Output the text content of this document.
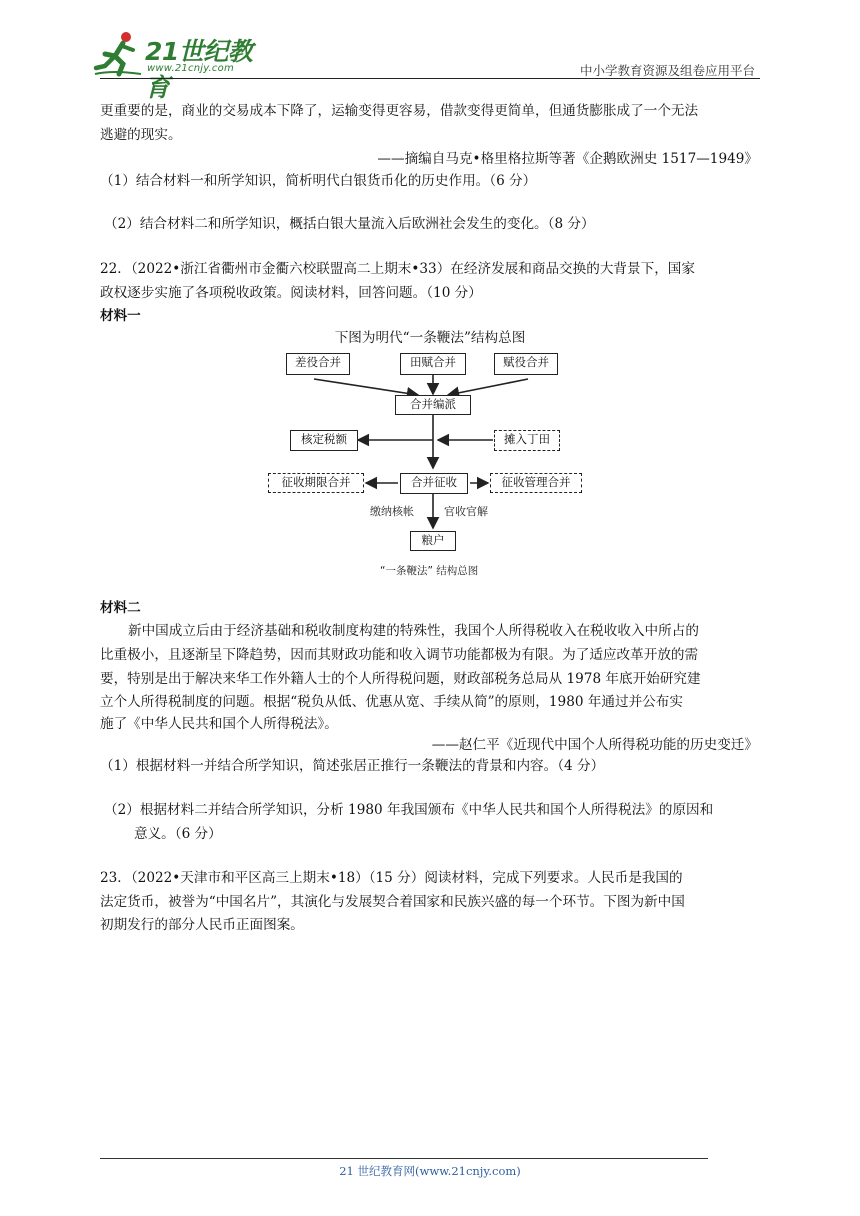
21世纪教育
www.21cnjy.com	中小学教育资源及组卷应用平台
更重要的是，商业的交易成本下降了，运输变得更容易，借款变得更简单，但通货膨胀成了一个无法
逃避的现实。
——摘编自马克•格里格拉斯等著《企鹅欧洲史 1517—1949》
（1）结合材料一和所学知识，简析明代白银货币化的历史作用。（6 分）
（2）结合材料二和所学知识，概括白银大量流入后欧洲社会发生的变化。（8 分）
22．（2022•浙江省衢州市金衢六校联盟高二上期末•33）在经济发展和商品交换的大背景下，国家
政权逐步实施了各项税收政策。阅读材料，回答问题。（10 分）
材料一
下图为明代“一条鞭法”结构总图
差役合并	田赋合并	赋役合并
合并编派
核定税额	摊入丁田
征收期限合并	合并征收	征收管理合并
缴纳核帐	官收官解
粮户
“一条鞭法” 结构总图
材料二
新中国成立后由于经济基础和税收制度构建的特殊性，我国个人所得税收入在税收收入中所占的
比重极小，且逐渐呈下降趋势，因而其财政功能和收入调节功能都极为有限。为了适应改革开放的需
要，特别是出于解决来华工作外籍人士的个人所得税问题，财政部税务总局从 1978 年底开始研究建
立个人所得税制度的问题。根据“税负从低、优惠从宽、手续从简”的原则，1980 年通过并公布实
施了《中华人民共和国个人所得税法》。
——赵仁平《近现代中国个人所得税功能的历史变迁》
（1）根据材料一并结合所学知识，简述张居正推行一条鞭法的背景和内容。（4 分）
（2）根据材料二并结合所学知识，分析 1980 年我国颁布《中华人民共和国个人所得税法》的原因和
意义。（6 分）
23．（2022•天津市和平区高三上期末•18）（15 分）阅读材料，完成下列要求。人民币是我国的
法定货币，被誉为“中国名片”，其演化与发展契合着国家和民族兴盛的每一个环节。下图为新中国
初期发行的部分人民币正面图案。
21 世纪教育网(www.21cnjy.com)
